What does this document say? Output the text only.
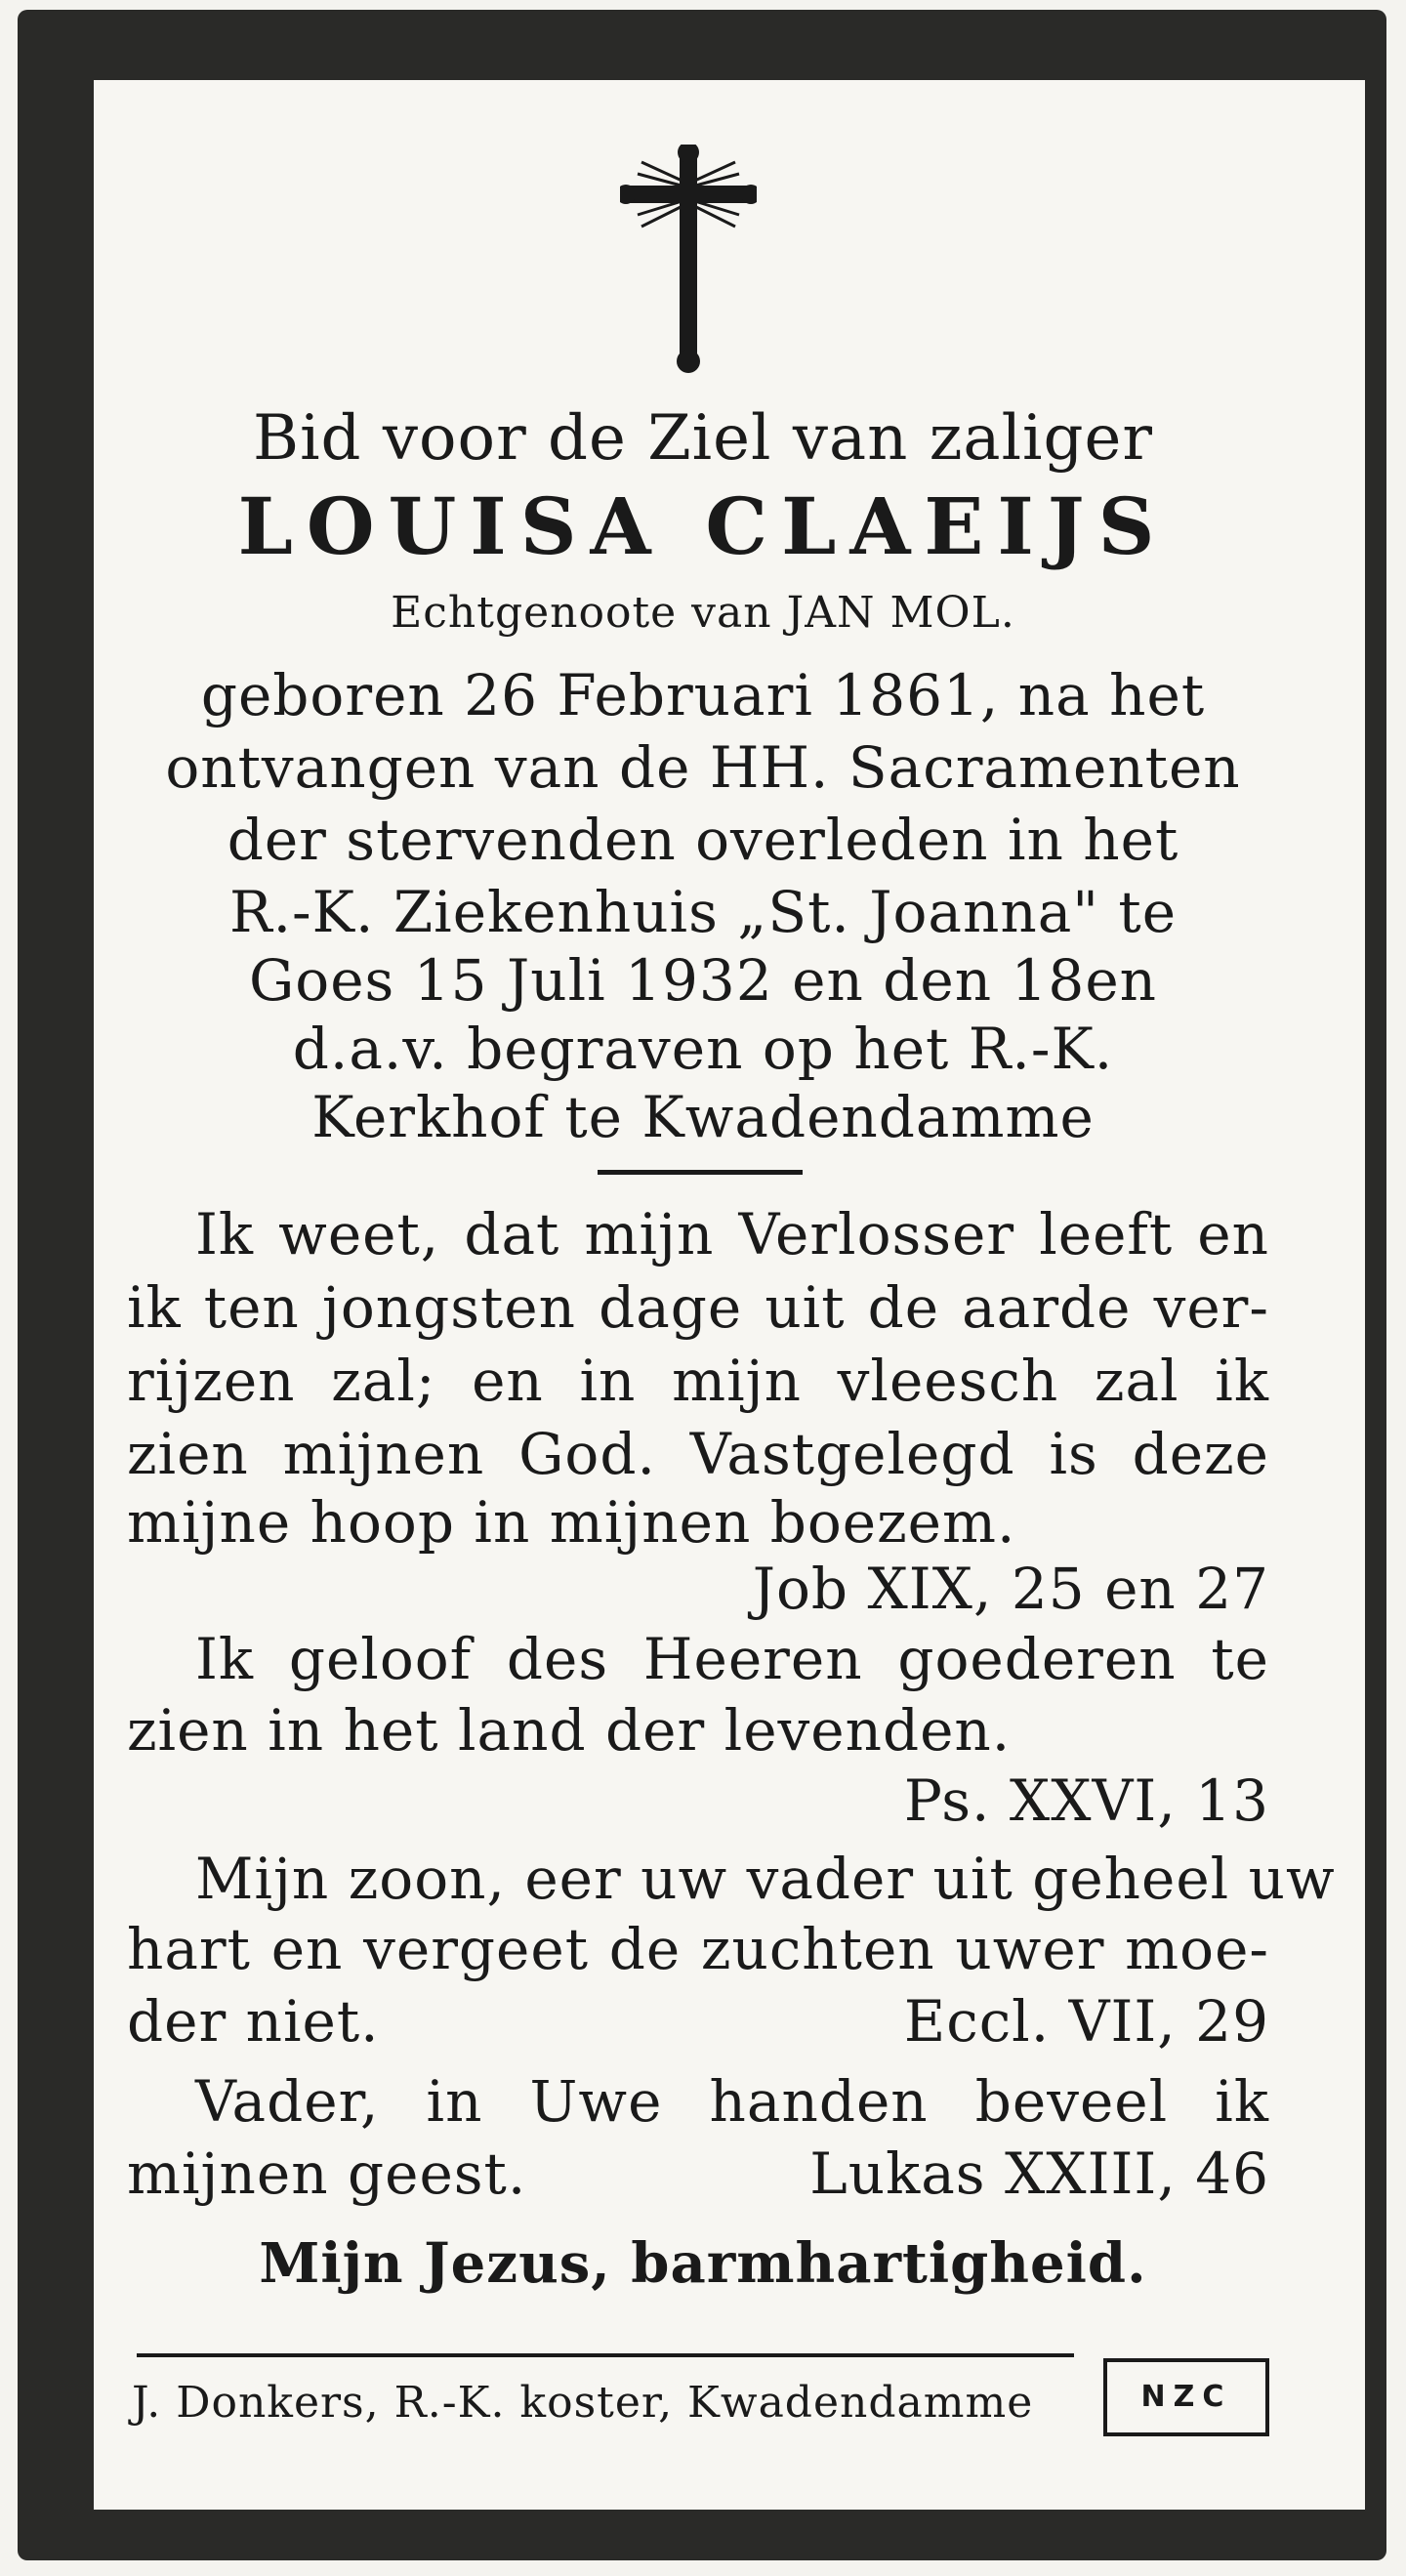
Bid voor de Ziel van zaliger
LOUISA CLAEIJS
Echtgenoote van JAN MOL.
geboren 26 Februari 1861, na het
ontvangen van de HH. Sacramenten
der stervenden overleden in het
R.-K. Ziekenhuis „St. Joanna" te
Goes 15 Juli 1932 en den 18en
d.a.v. begraven op het R.-K.
Kerkhof te Kwadendamme
Ik weet, dat mijn Verlosser leeft en
ik ten jongsten dage uit de aarde ver-
rijzen zal; en in mijn vleesch zal ik
zien mijnen God. Vastgelegd is deze
mijne hoop in mijnen boezem.
Job XIX, 25 en 27
Ik geloof des Heeren goederen te
zien in het land der levenden.
Ps. XXVI, 13
Mijn zoon, eer uw vader uit geheel uw
hart en vergeet de zuchten uwer moe-
der niet.	Eccl. VII, 29
Vader, in Uwe handen beveel ik
mijnen geest.	Lukas XXIII, 46
Mijn Jezus, barmhartigheid.
J. Donkers, R.-K. koster, Kwadendamme	NZC
